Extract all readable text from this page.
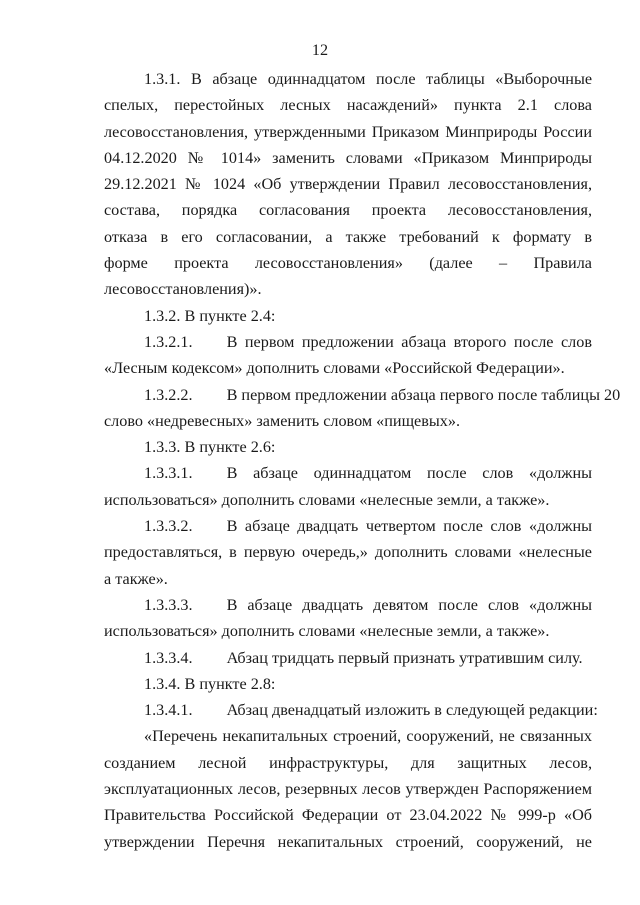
12
1.3.1. В абзаце одиннадцатом после таблицы «Выборочные
спелых, перестойных лесных насаждений» пункта 2.1 слова
лесовосстановления, утвержденными Приказом Минприроды России
04.12.2020 № 1014» заменить словами «Приказом Минприроды
29.12.2021 № 1024 «Об утверждении Правил лесовосстановления,
состава, порядка согласования проекта лесовосстановления,
отказа в его согласовании, а также требований к формату в
форме проекта лесовосстановления» (далее – Правила
лесовосстановления)».
1.3.2. В пункте 2.4:
1.3.2.1. В первом предложении абзаца второго после слов
«Лесным кодексом» дополнить словами «Российской Федерации».
1.3.2.2. В первом предложении абзаца первого после таблицы 20
слово «недревесных» заменить словом «пищевых».
1.3.3. В пункте 2.6:
1.3.3.1. В абзаце одиннадцатом после слов «должны
использоваться» дополнить словами «нелесные земли, а также».
1.3.3.2. В абзаце двадцать четвертом после слов «должны
предоставляться, в первую очередь,» дополнить словами «нелесные
а также».
1.3.3.3. В абзаце двадцать девятом после слов «должны
использоваться» дополнить словами «нелесные земли, а также».
1.3.3.4. Абзац тридцать первый признать утратившим силу.
1.3.4. В пункте 2.8:
1.3.4.1. Абзац двенадцатый изложить в следующей редакции:
«Перечень некапитальных строений, сооружений, не связанных
созданием лесной инфраструктуры, для защитных лесов,
эксплуатационных лесов, резервных лесов утвержден Распоряжением
Правительства Российской Федерации от 23.04.2022 № 999-р «Об
утверждении Перечня некапитальных строений, сооружений, не
